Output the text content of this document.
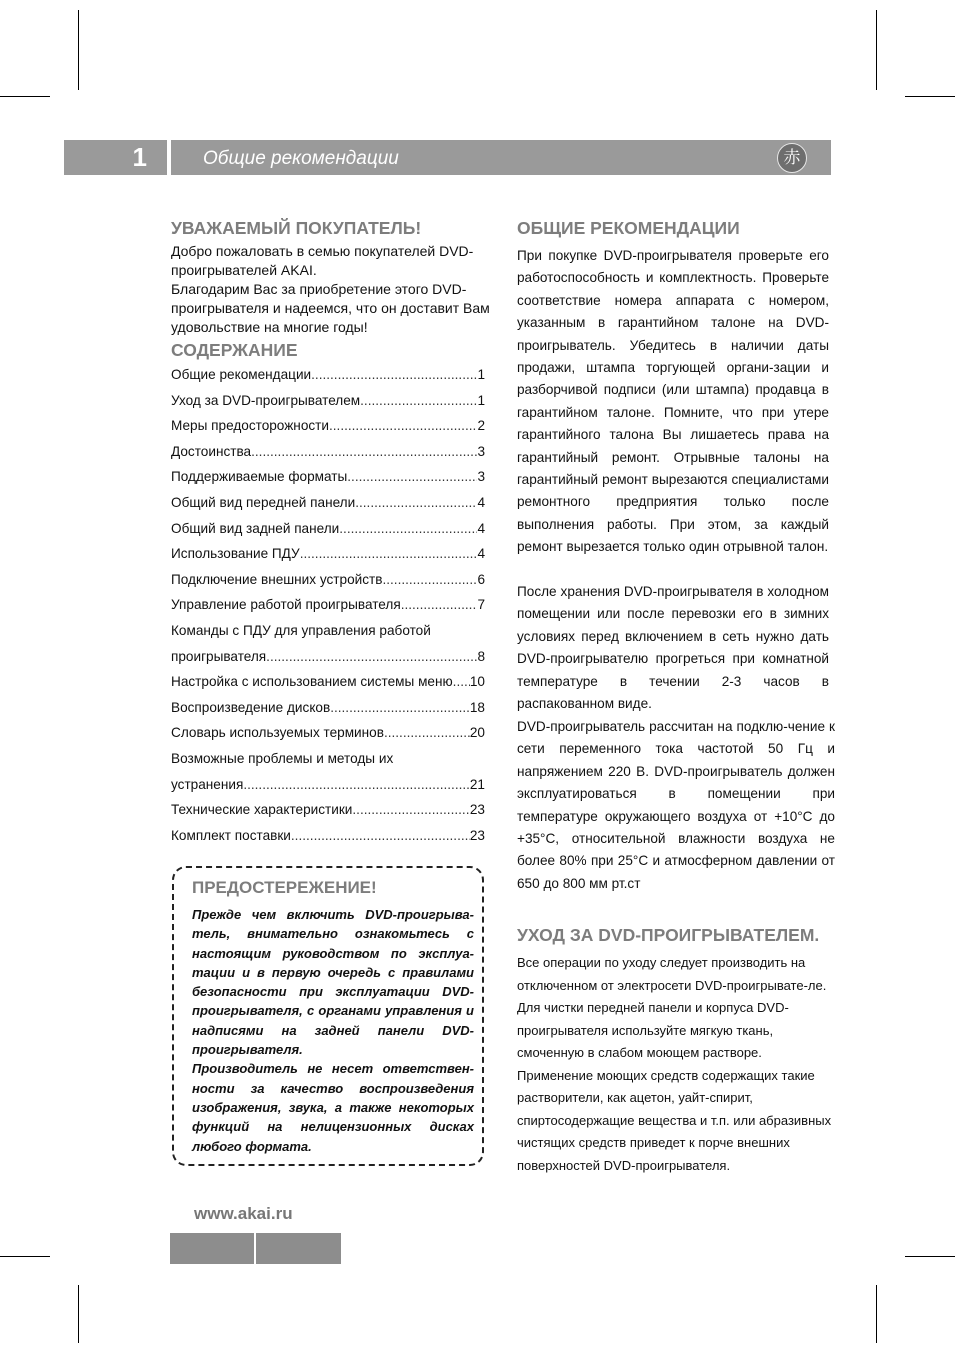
1	Общие рекомендации	赤
УВАЖАЕМЫЙ ПОКУПАТЕЛЬ!

Добро пожаловать в семью покупателей DVD-проигрывателей AKAI.
Благодарим Вас за приобретение этого DVD-проигрывателя и надеемся, что он доставит Вам удовольствие на многие годы!

СОДЕРЖАНИЕ
Общие рекомендации .....	1
Уход за DVD-проигрывателем .....	1
Меры предосторожности .....	2
Достоинства .....	3
Поддерживаемые форматы .....	3
Общий вид передней панели .....	4
Общий вид задней панели .....	4
Использование ПДУ .....	4
Подключение внешних устройств .....	6
Управление работой проигрывателя .....	7
Команды с ПДУ для управления работой
проигрывателя .....	8
Настройка с использованием системы меню ..... 10
Воспроизведение дисков .....	18
Словарь используемых терминов .....	20
Возможные проблемы и методы их
устранения .....	21
Технические характеристики .....	23
Комплект поставки .....	23
ПРЕДОСТЕРЕЖЕНИЕ!

Прежде чем включить DVD-проигрыва-тель, внимательно ознакомьтесь с настоящим руководством по эксплуа-тации и в первую очередь с правилами безопасности при эксплуатации DVD-проигрывателя, с органами управления и надписями на задней панели DVD-проигрывателя.
Производитель не несет ответствен-ности за качество воспроизведения изображения, звука, а также некоторых функций на нелицензионных дисках любого формата.

ОБЩИЕ РЕКОМЕНДАЦИИ

При покупке DVD-проигрывателя проверьте его работоспособность и комплектность. Проверьте соответствие номера аппарата с номером, указанным в гарантийном талоне на DVD-проигрыватель. Убедитесь в наличии даты продажи, штампа торгующей органи-зации и разборчивой подписи (или штампа) продавца в гарантийном талоне. Помните, что при утере гарантийного талона Вы лишаетесь права на гарантийный ремонт. Отрывные талоны на гарантийный ремонт вырезаются специалистами ремонтного предприятия только после выполнения работы. При этом, за каждый ремонт вырезается только один отрывной талон.

После хранения DVD-проигрывателя в холодном помещении или после перевозки его в зимних условиях перед включением в сеть нужно дать DVD-проигрывателю прогреться при комнатной температуре в течении 2-3 часов в распакованном виде.

DVD-проигрыватель рассчитан на подклю-чение к сети переменного тока частотой 50 Гц и напряжением 220 В. DVD-проигрыватель должен эксплуатироваться в помещении при температуре окружающего воздуха от +10°С до +35°С, относительной влажности воздуха не более 80% при 25°С и атмосферном давлении от 650 до 800 мм рт.ст

УХОД ЗА DVD-ПРОИГРЫВАТЕЛЕМ.

Все операции по уходу следует производить на отключенном от электросети DVD-проигрывате-ле. Для чистки передней панели и корпуса DVD-проигрывателя используйте мягкую ткань, смоченную в слабом моющем растворе. Применение моющих средств содержащих такие растворители, как ацетон, уайт-спирит, спиртосодержащие вещества и т.п. или абразивных чистящих средств приведет к порче внешних поверхностей DVD-проигрывателя.

www.akai.ru
